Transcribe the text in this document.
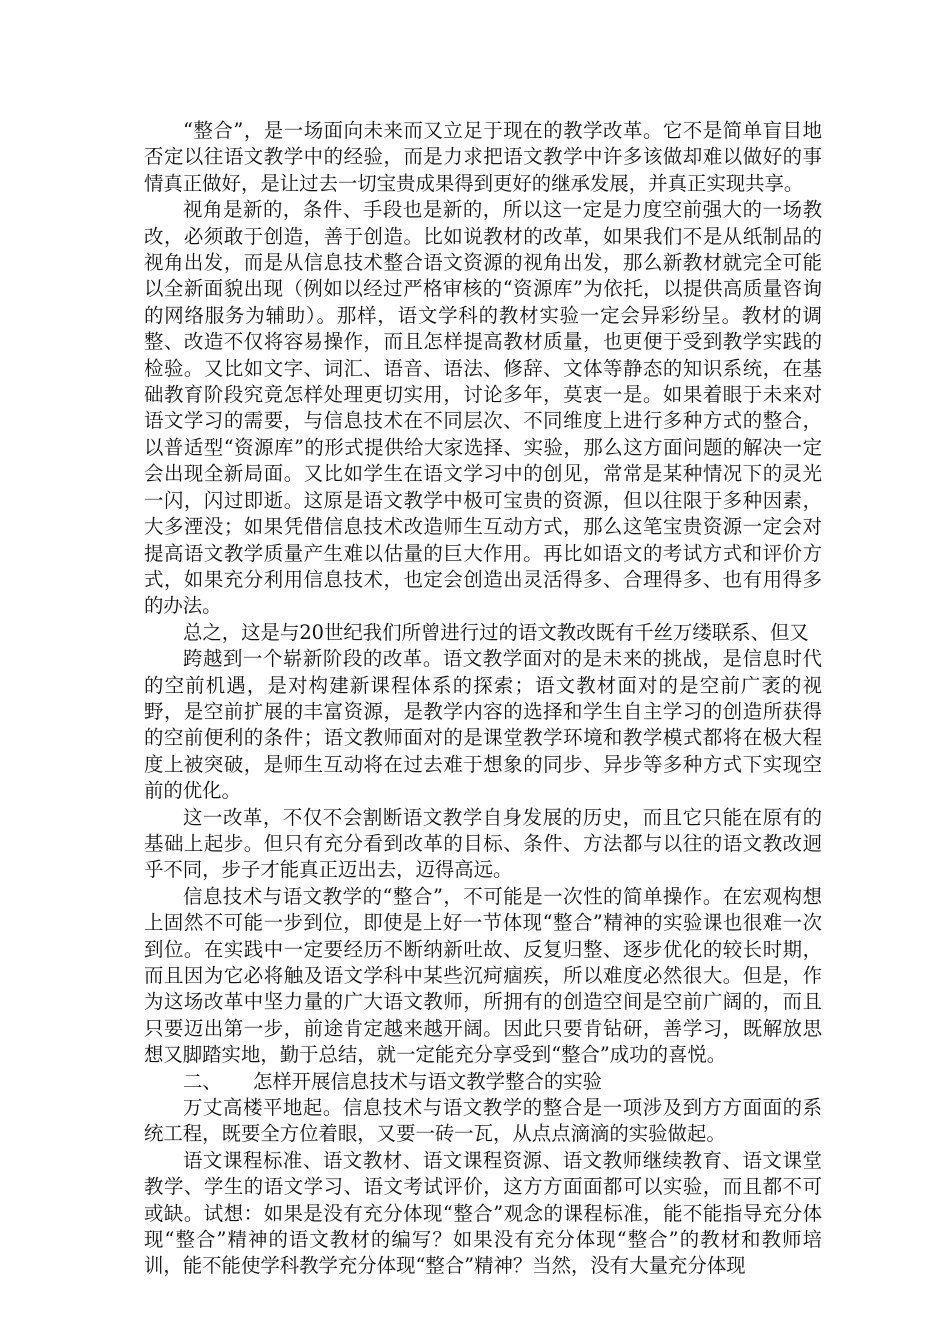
“整合”，是一场面向未来而又立足于现在的教学改革。它不是简单盲目地否定以往语文教学中的经验，而是力求把语文教学中许多该做却难以做好的事情真正做好，是让过去一切宝贵成果得到更好的继承发展，并真正实现共享。

视角是新的，条件、手段也是新的，所以这一定是力度空前强大的一场教改，必须敢于创造，善于创造。比如说教材的改革，如果我们不是从纸制品的视角出发，而是从信息技术整合语文资源的视角出发，那么新教材就完全可能以全新面貌出现（例如以经过严格审核的“资源库”为依托，以提供高质量咨询的网络服务为辅助）。那样，语文学科的教材实验一定会异彩纷呈。教材的调整、改造不仅将容易操作，而且怎样提高教材质量，也更便于受到教学实践的检验。又比如文字、词汇、语音、语法、修辞、文体等静态的知识系统，在基础教育阶段究竟怎样处理更切实用，讨论多年，莫衷一是。如果着眼于未来对语文学习的需要，与信息技术在不同层次、不同维度上进行多种方式的整合，以普适型“资源库”的形式提供给大家选择、实验，那么这方面问题的解决一定会出现全新局面。又比如学生在语文学习中的创见，常常是某种情况下的灵光一闪，闪过即逝。这原是语文教学中极可宝贵的资源，但以往限于多种因素，大多湮没；如果凭借信息技术改造师生互动方式，那么这笔宝贵资源一定会对提高语文教学质量产生难以估量的巨大作用。再比如语文的考试方式和评价方式，如果充分利用信息技术，也定会创造出灵活得多、合理得多、也有用得多的办法。

总之，这是与20世纪我们所曾进行过的语文教改既有千丝万缕联系、但又

跨越到一个崭新阶段的改革。语文教学面对的是未来的挑战，是信息时代的空前机遇，是对构建新课程体系的探索；语文教材面对的是空前广袤的视野，是空前扩展的丰富资源，是教学内容的选择和学生自主学习的创造所获得的空前便利的条件；语文教师面对的是课堂教学环境和教学模式都将在极大程度上被突破，是师生互动将在过去难于想象的同步、异步等多种方式下实现空前的优化。

这一改革，不仅不会割断语文教学自身发展的历史，而且它只能在原有的基础上起步。但只有充分看到改革的目标、条件、方法都与以往的语文教改迥乎不同，步子才能真正迈出去，迈得高远。

信息技术与语文教学的“整合”，不可能是一次性的简单操作。在宏观构想上固然不可能一步到位，即使是上好一节体现“整合”精神的实验课也很难一次到位。在实践中一定要经历不断纳新吐故、反复归整、逐步优化的较长时期，而且因为它必将触及语文学科中某些沉疴痼疾，所以难度必然很大。但是，作为这场改革中坚力量的广大语文教师，所拥有的创造空间是空前广阔的，而且只要迈出第一步，前途肯定越来越开阔。因此只要肯钻研，善学习，既解放思想又脚踏实地，勤于总结，就一定能充分享受到“整合”成功的喜悦。

二、 怎样开展信息技术与语文教学整合的实验

万丈高楼平地起。信息技术与语文教学的整合是一项涉及到方方面面的系统工程，既要全方位着眼，又要一砖一瓦，从点点滴滴的实验做起。

语文课程标准、语文教材、语文课程资源、语文教师继续教育、语文课堂教学、学生的语文学习、语文考试评价，这方方面面都可以实验，而且都不可或缺。试想：如果是没有充分体现“整合”观念的课程标准，能不能指导充分体现“整合”精神的语文教材的编写？如果没有充分体现“整合”的教材和教师培训，能不能使学科教学充分体现“整合”精神？当然，没有大量充分体现
